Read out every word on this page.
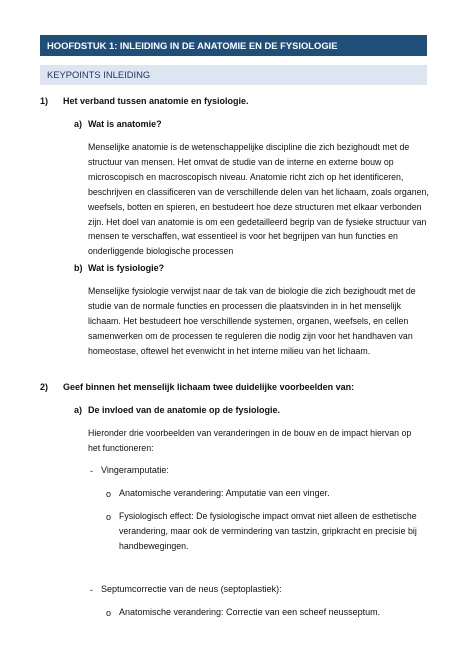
HOOFDSTUK 1: INLEIDING IN DE ANATOMIE EN DE FYSIOLOGIE
KEYPOINTS INLEIDING
1) Het verband tussen anatomie en fysiologie.
a) Wat is anatomie?
Menselijke anatomie is de wetenschappelijke discipline die zich bezighoudt met de
structuur van mensen. Het omvat de studie van de interne en externe bouw op
microscopisch en macroscopisch niveau. Anatomie richt zich op het identificeren,
beschrijven en classificeren van de verschillende delen van het lichaam, zoals organen,
weefsels, botten en spieren, en bestudeert hoe deze structuren met elkaar verbonden
zijn. Het doel van anatomie is om een gedetailleerd begrip van de fysieke structuur van
mensen te verschaffen, wat essentieel is voor het begrijpen van hun functies en
onderliggende biologische processen
b) Wat is fysiologie?
Menselijke fysiologie verwijst naar de tak van de biologie die zich bezighoudt met de
studie van de normale functies en processen die plaatsvinden in in het menselijk
lichaam. Het bestudeert hoe verschillende systemen, organen, weefsels, en cellen
samenwerken om de processen te reguleren die nodig zijn voor het handhaven van
homeostase, oftewel het evenwicht in het interne milieu van het lichaam.
2) Geef binnen het menselijk lichaam twee duidelijke voorbeelden van:
a) De invloed van de anatomie op de fysiologie.
Hieronder drie voorbeelden van veranderingen in de bouw en de impact hiervan op
het functioneren:
- Vingeramputatie:
o Anatomische verandering: Amputatie van een vinger.
o Fysiologisch effect: De fysiologische impact omvat niet alleen de esthetische
verandering, maar ook de vermindering van tastzin, gripkracht en precisie bij
handbewegingen.
- Septumcorrectie van de neus (septoplastiek):
o Anatomische verandering: Correctie van een scheef neusseptum.
